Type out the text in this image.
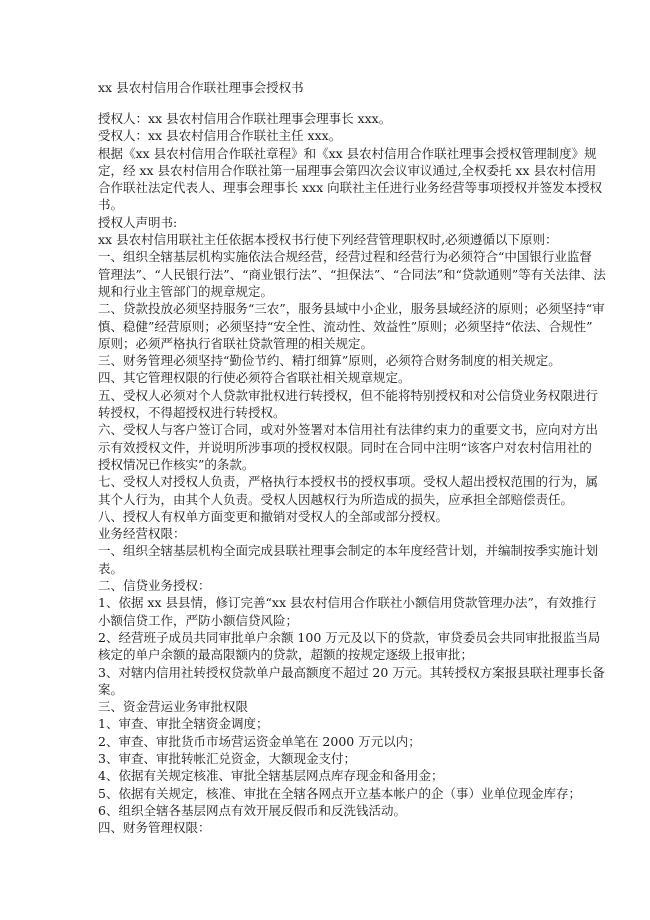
xx 县农村信用合作联社理事会授权书
授权人：xx 县农村信用合作联社理事会理事长 xxx。
受权人：xx 县农村信用合作联社主任 xxx。
根据《xx 县农村信用合作联社章程》和《xx 县农村信用合作联社理事会授权管理制度》规
定，经 xx 县农村信用合作联社第一届理事会第四次会议审议通过,全权委托 xx 县农村信用
合作联社法定代表人、理事会理事长 xxx 向联社主任进行业务经营等事项授权并签发本授权
书。
授权人声明书:
xx 县农村信用联社主任依据本授权书行使下列经营管理职权时,必须遵循以下原则：
一、组织全辖基层机构实施依法合规经营，经营过程和经营行为必须符合“中国银行业监督
管理法”、“人民银行法”、“商业银行法”、“担保法”、“合同法”和“贷款通则”等有关法律、法
规和行业主管部门的规章规定。
二、贷款投放必须坚持服务“三农”，服务县域中小企业，服务县域经济的原则；必须坚持“审
慎、稳健”经营原则；必须坚持“安全性、流动性、效益性”原则；必须坚持“依法、合规性”
原则；必须严格执行省联社贷款管理的相关规定。
三、财务管理必须坚持“勤俭节约、精打细算”原则，必须符合财务制度的相关规定。
四、其它管理权限的行使必须符合省联社相关规章规定。
五、受权人必须对个人贷款审批权进行转授权，但不能将特别授权和对公信贷业务权限进行
转授权，不得超授权进行转授权。
六、受权人与客户签订合同，或对外签署对本信用社有法律约束力的重要文书，应向对方出
示有效授权文件，并说明所涉事项的授权权限。同时在合同中注明“该客户对农村信用社的
授权情况已作核实”的条款。
七、受权人对授权人负责，严格执行本授权书的授权事项。受权人超出授权范围的行为，属
其个人行为，由其个人负责。受权人因越权行为所造成的损失，应承担全部赔偿责任。
八、授权人有权单方面变更和撤销对受权人的全部或部分授权。
业务经营权限：
一、组织全辖基层机构全面完成县联社理事会制定的本年度经营计划，并编制按季实施计划
表。
二、信贷业务授权：
1、依据 xx 县县情，修订完善“xx 县农村信用合作联社小额信用贷款管理办法”，有效推行
小额信贷工作，严防小额信贷风险；
2、经营班子成员共同审批单户余额 100 万元及以下的贷款，审贷委员会共同审批报监当局
核定的单户余额的最高限额内的贷款，超额的按规定逐级上报审批；
3、对辖内信用社转授权贷款单户最高额度不超过 20 万元。其转授权方案报县联社理事长备
案。
三、资金营运业务审批权限
1、审查、审批全辖资金调度；
2、审查、审批货币市场营运资金单笔在 2000 万元以内；
3、审查、审批转帐汇兑资金，大额现金支付；
4、依据有关规定核准、审批全辖基层网点库存现金和备用金；
5、依据有关规定，核准、审批在全辖各网点开立基本帐户的企（事）业单位现金库存；
6、组织全辖各基层网点有效开展反假币和反洗钱活动。
四、财务管理权限：
